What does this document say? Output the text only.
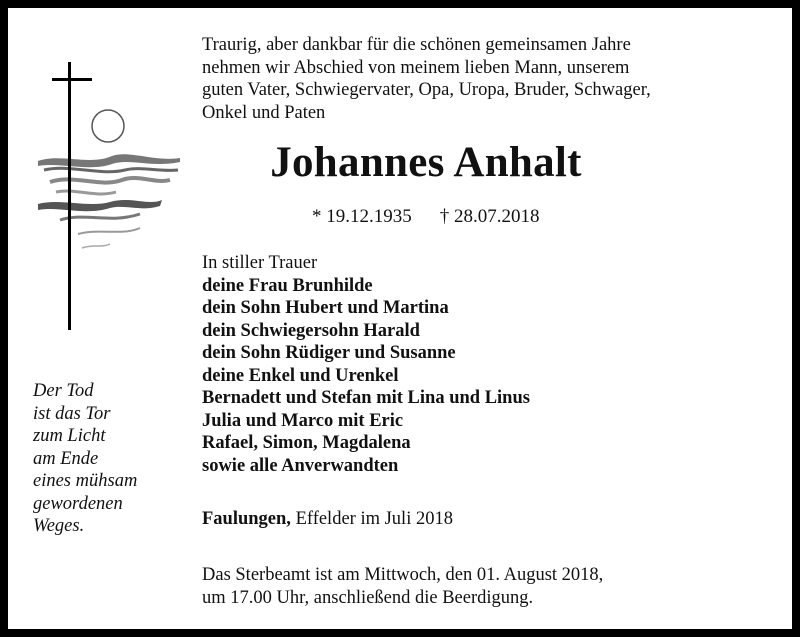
Traurig, aber dankbar für die schönen gemeinsamen Jahre
nehmen wir Abschied von meinem lieben Mann, unserem
guten Vater, Schwiegervater, Opa, Uropa, Bruder, Schwager,
Onkel und Paten
Johannes Anhalt
* 19.12.1935 † 28.07.2018
In stiller Trauer
deine Frau Brunhilde
dein Sohn Hubert und Martina
dein Schwiegersohn Harald
dein Sohn Rüdiger und Susanne
deine Enkel und Urenkel
Bernadett und Stefan mit Lina und Linus
Julia und Marco mit Eric
Rafael, Simon, Magdalena
sowie alle Anverwandten
Faulungen, Effelder im Juli 2018
Das Sterbeamt ist am Mittwoch, den 01. August 2018,
um 17.00 Uhr, anschließend die Beerdigung.
Der Tod
ist das Tor
zum Licht
am Ende
eines mühsam
gewordenen
Weges.
